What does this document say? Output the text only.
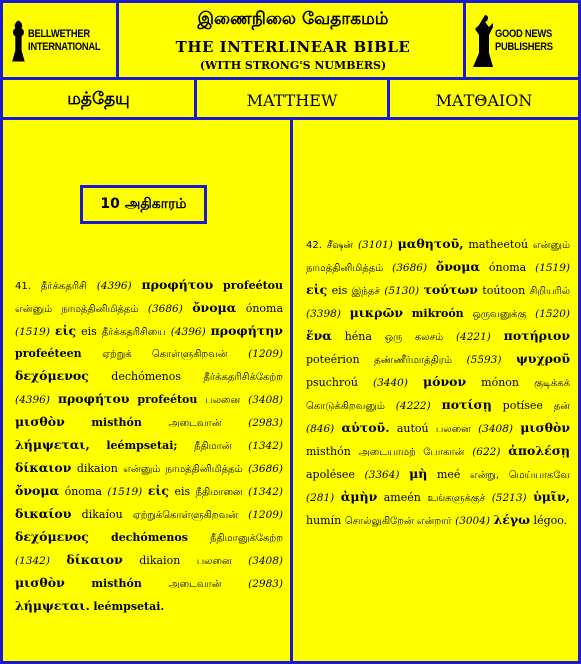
BELLWETHER
INTERNATIONAL
GOOD NEWS
PUBLISHERS
இணைநிலை வேதாகமம்
THE INTERLINEAR BIBLE
(WITH STRONG'S NUMBERS)
மத்தேயு	MATTHEW	ΜΑΤΘΑΙΟΝ
10 அதிகாரம்
41. தீர்க்கதரிசி (4396) προφήτου profeétou என்னும் நாமத்தினிமித்தம் (3686) ὄνομα ónoma (1519) εἰς eis தீர்க்கதரிசியை (4396) προφήτην profeéteen ஏற்றுக் கொள்ளுகிறவன் (1209) δεχόμενος dechómenos தீர்க்கதரிசிக்கேற்ற (4396) προφήτου profeétou பலனை (3408) μισθὸν misthón	அடைவான்	(2983) λήμψεται, leémpsetai; நீதிமான் (1342) δίκαιον dikaion என்னும் நாமத்தினிமித்தம் (3686) ὄνομα ónoma (1519) εἰς eis நீதிமானை (1342) δικαίου dikaíou ஏற்றுக்கொள்ளுகிறவன் (1209) δεχόμενος dechómenos நீதிமானுக்கேற்ற (1342) δίκαιον dikaion பலனை (3408) μισθὸν misthón	அடைவான்	(2983) λήμψεται. leémpsetai.
42. சீஷன் (3101) μαθητοῦ, matheetoú என்னும் நாமத்தினிமித்தம் (3686) ὄνομα ónoma (1519) εἰς eis இந்தச் (5130) τούτων toútoon சிறியரில் (3398) μικρῶν mikroón ஒருவனுக்கு (1520) ἕνα héna ஒரு கலசம் (4221) ποτήριον poteérion தண்ணீர்மாத்திரம் (5593) ψυχροῦ psuchroú (3440) μόνον mónon குடிக்கக் கொடுக்கிறவனும் (4222) ποτίσῃ potísee தன் (846) αὐτοῦ. autoú பலனை (3408) μισθὸν misthón அடையாமற் போகான் (622) ἀπολέσῃ apolésee (3364) μὴ meé என்று, மெய்யாகவே (281) ἀμὴν ameén உங்களுக்குச் (5213) ὑμῖν, humín சொல்லுகிறேன் என்றார் (3004) λέγω légoo.
